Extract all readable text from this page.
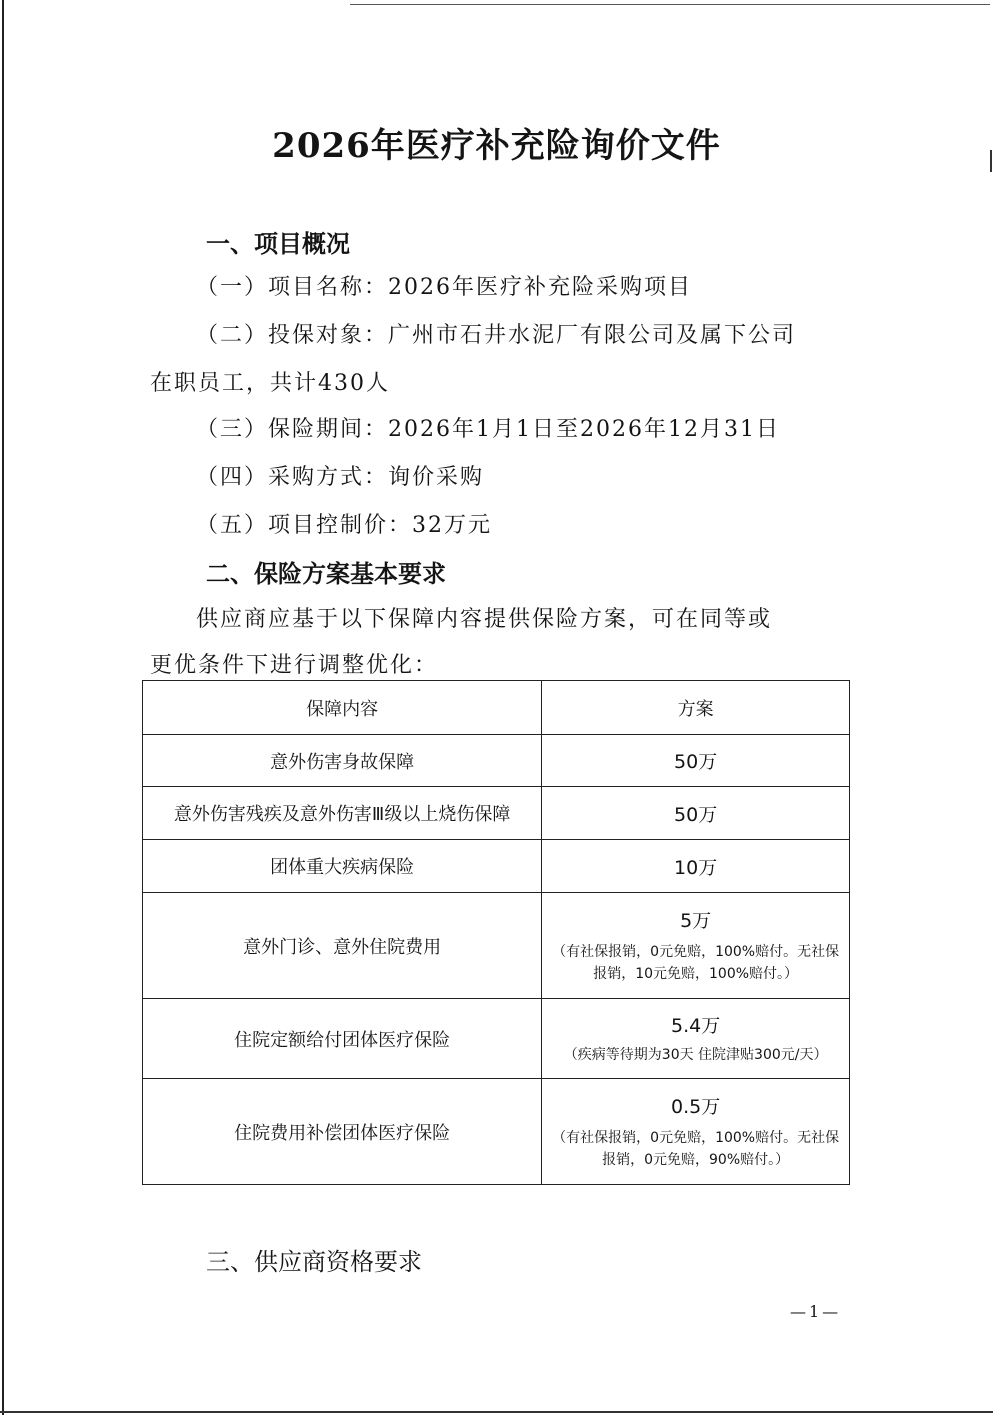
2026年医疗补充险询价文件
一、项目概况
（一）项目名称：2026年医疗补充险采购项目
（二）投保对象：广州市石井水泥厂有限公司及属下公司
在职员工，共计430人
（三）保险期间：2026年1月1日至2026年12月31日
（四）采购方式：询价采购
（五）项目控制价：32万元
二、保险方案基本要求
供应商应基于以下保障内容提供保险方案，可在同等或
更优条件下进行调整优化：
保障内容	方案
意外伤害身故保障	50万

意外伤害残疾及意外伤害Ⅲ级以上烧伤保障	50万

团体重大疾病保险	10万

意外门诊、意外住院费用	5万
（有社保报销，0元免赔，100%赔付。无社保报销，10元免赔，100%赔付。）

住院定额给付团体医疗保险	5.4万
（疾病等待期为30天 住院津贴300元/天）

住院费用补偿团体医疗保险	0.5万
（有社保报销，0元免赔，100%赔付。无社保报销，0元免赔，90%赔付。）
三、供应商资格要求
—1—
